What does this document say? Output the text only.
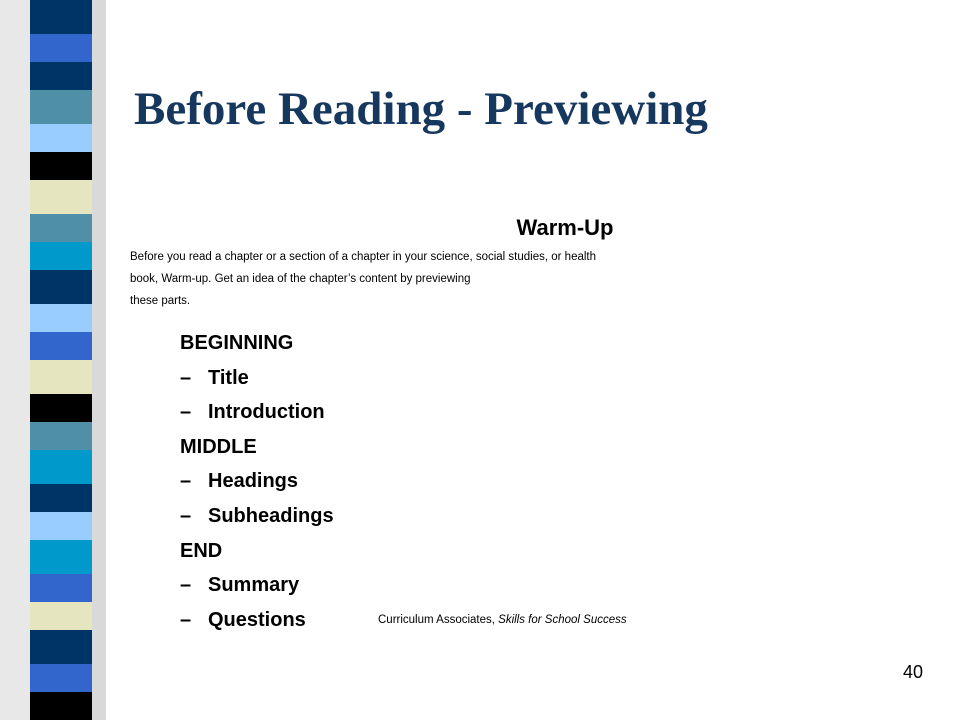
Before Reading - Previewing
Warm-Up
Before you read a chapter or a section of a chapter in your science, social studies, or health
book, Warm-up. Get an idea of the chapter’s content by previewing
these parts.
BEGINNING
– Title
– Introduction
MIDDLE
– Headings
– Subheadings
END
– Summary
– Questions	Curriculum Associates, Skills for School Success
40
